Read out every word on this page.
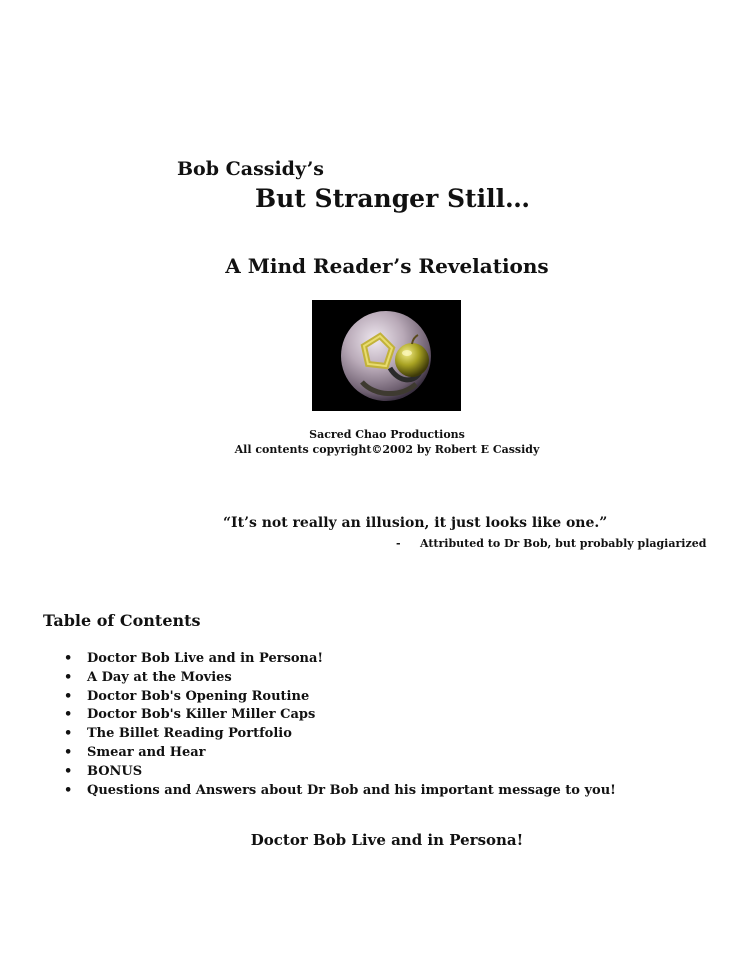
Bob Cassidy’s
But Stranger Still…
A Mind Reader’s Revelations
Sacred Chao Productions
All contents copyright©2002 by Robert E Cassidy
“It’s not really an illusion, it just looks like one.”
- Attributed to Dr Bob, but probably plagiarized
Table of Contents
• Doctor Bob Live and in Persona!
• A Day at the Movies
• Doctor Bob's Opening Routine
• Doctor Bob's Killer Miller Caps
• The Billet Reading Portfolio
• Smear and Hear
• BONUS
• Questions and Answers about Dr Bob and his important message to you!
Doctor Bob Live and in Persona!
